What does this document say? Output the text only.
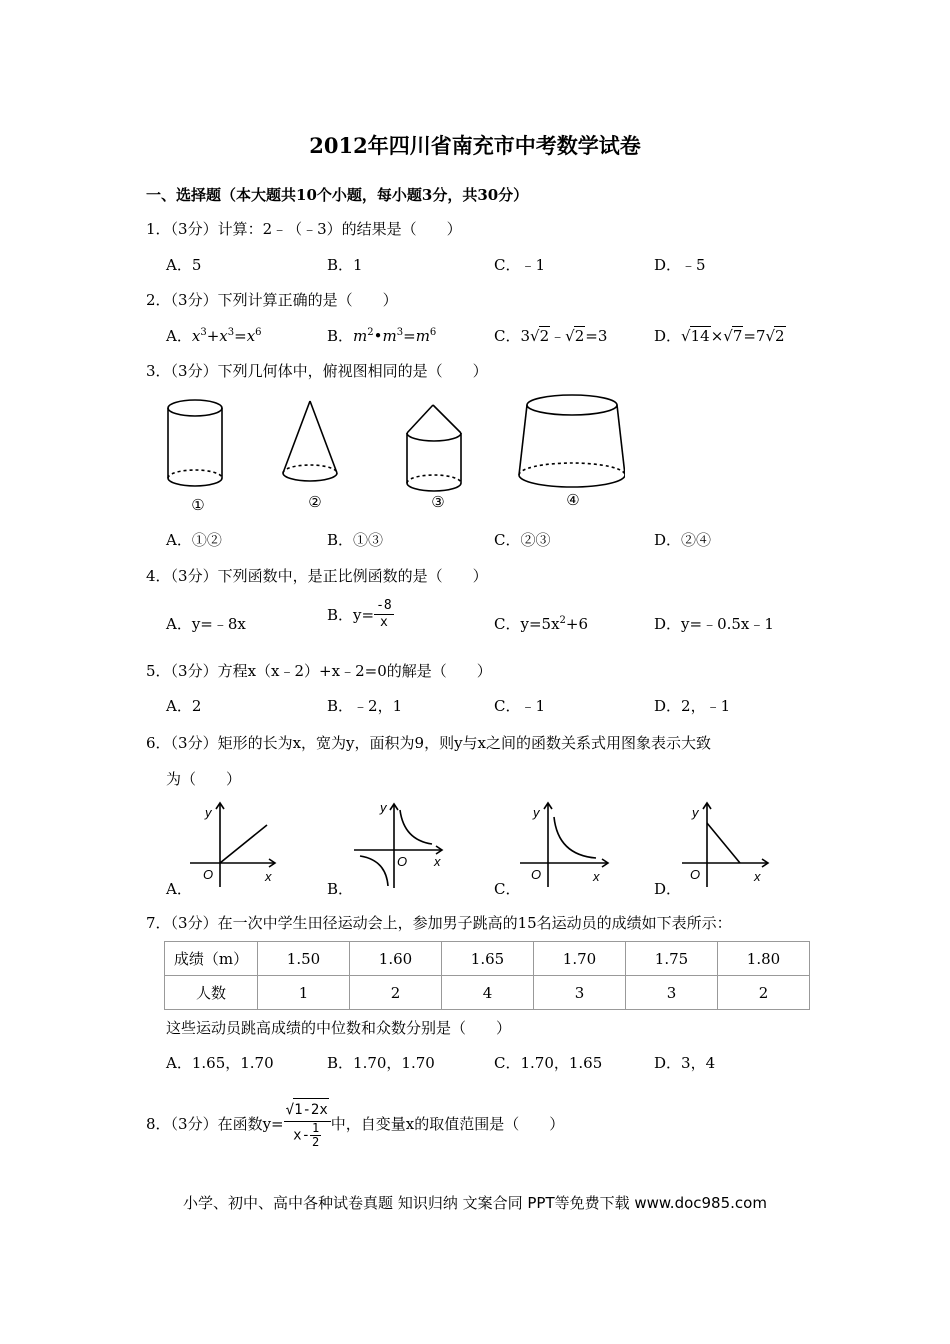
2012年四川省南充市中考数学试卷
一、选择题（本大题共10个小题，每小题3分，共30分）
1．（3分）计算：2﹣（﹣3）的结果是（　　）
A．5	B．1	C．﹣1	D．﹣5
2．（3分）下列计算正确的是（　　）
A．$x^3+x^3=x^6$	B．$m^2•m^3=m^6$	C．3√2﹣√2=3	D．√14×√7=7√2
3．（3分）下列几何体中，俯视图相同的是（　　）
①	②	③	④
A．①②	B．①③	C．②③	D．②④
4．（3分）下列函数中，是正比例函数的是（　　）
A．y=﹣8x	B．$y= \frac{-8}{x}$	C．$y=5x^2+6$	D．y=﹣0.5x﹣1
5．（3分）方程x（x﹣2）+x﹣2=0的解是（　　）
A．2	B．﹣2，1	C．﹣1	D．2，﹣1
6．（3分）矩形的长为x，宽为y，面积为9，则y与x之间的函数关系式用图象表示大致
为（　　）
y
O	x
y
O x
y
O	x
y
O	x
A．	B．	C．	D．
7．（3分）在一次中学生田径运动会上，参加男子跳高的15名运动员的成绩如下表所示：
成绩（m）	1.50	1.60	1.65	1.70	1.75	1.80
人数	1	2	4	3	3	2
这些运动员跳高成绩的中位数和众数分别是（　　）
A．1.65，1.70	B．1.70，1.70	C．1.70，1.65	D．3，4
8．（3分）在函数$y= \frac{√1-2x}{x- \frac{1}{2}}$ 中，自变量x的取值范围是（　　）
小学、初中、高中各种试卷真题 知识归纳 文案合同 PPT等免费下载 www.doc985.com
